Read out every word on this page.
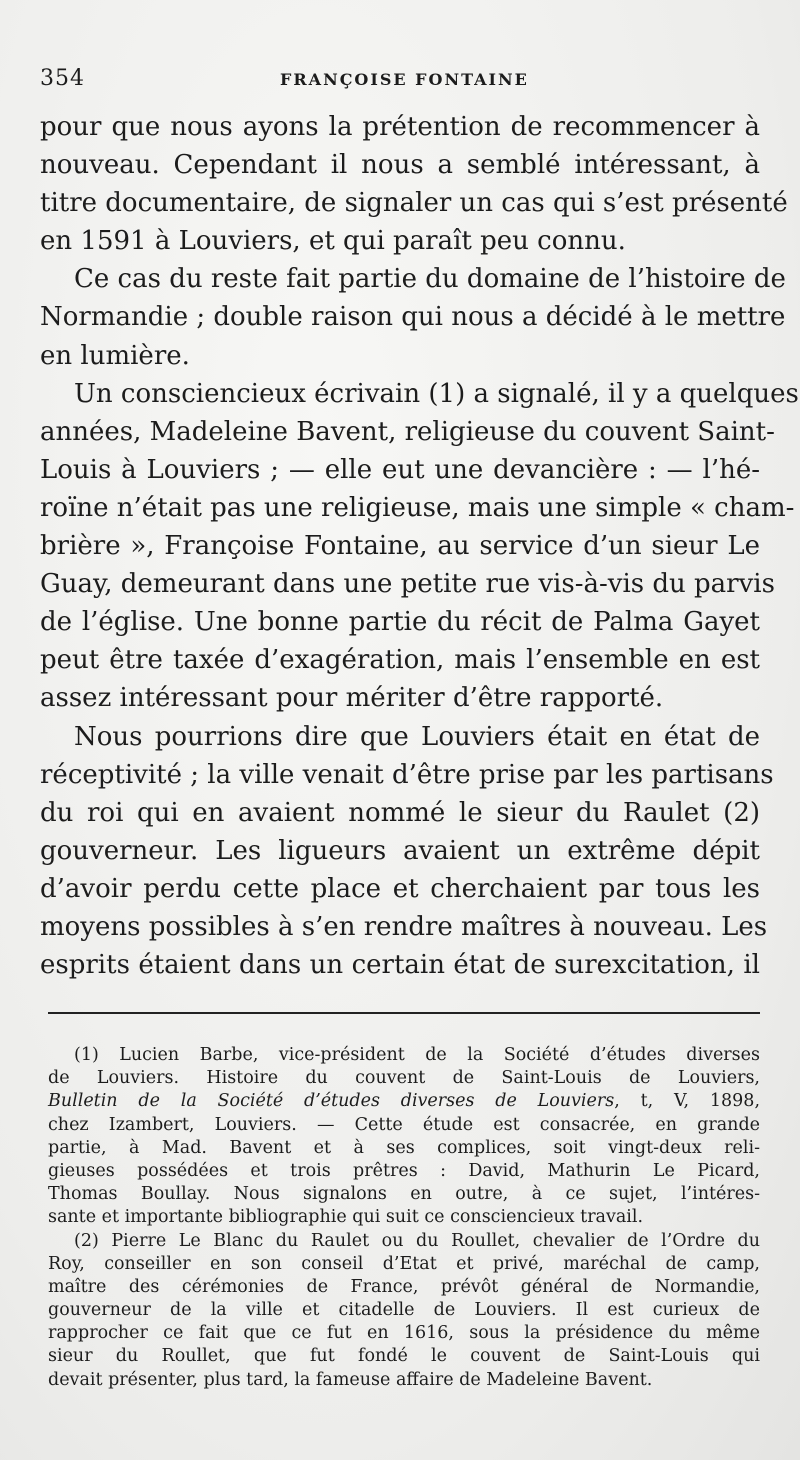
354	FRANÇOISE FONTAINE
pour que nous ayons la prétention de recommencer à
nouveau. Cependant il nous a semblé intéressant, à
titre documentaire, de signaler un cas qui s’est présenté
en 1591 à Louviers, et qui paraît peu connu.
Ce cas du reste fait partie du domaine de l’histoire de
Normandie ; double raison qui nous a décidé à le mettre
en lumière.
Un consciencieux écrivain (1) a signalé, il y a quelques
années, Madeleine Bavent, religieuse du couvent Saint-
Louis à Louviers ; — elle eut une devancière : — l’hé-
roïne n’était pas une religieuse, mais une simple « cham-
brière », Françoise Fontaine, au service d’un sieur Le
Guay, demeurant dans une petite rue vis-à-vis du parvis
de l’église. Une bonne partie du récit de Palma Gayet
peut être taxée d’exagération, mais l’ensemble en est
assez intéressant pour mériter d’être rapporté.
Nous pourrions dire que Louviers était en état de
réceptivité ; la ville venait d’être prise par les partisans
du roi qui en avaient nommé le sieur du Raulet (2)
gouverneur. Les ligueurs avaient un extrême dépit
d’avoir perdu cette place et cherchaient par tous les
moyens possibles à s’en rendre maîtres à nouveau. Les
esprits étaient dans un certain état de surexcitation, il
(1) Lucien Barbe, vice-président de la Société d’études diverses
de Louviers. Histoire du couvent de Saint-Louis de Louviers,
Bulletin de la Société d’études diverses de Louviers, t, V, 1898,
chez Izambert, Louviers. — Cette étude est consacrée, en grande
partie, à Mad. Bavent et à ses complices, soit vingt-deux reli-
gieuses possédées et trois prêtres : David, Mathurin Le Picard,
Thomas Boullay. Nous signalons en outre, à ce sujet, l’intéres-
sante et importante bibliographie qui suit ce consciencieux travail.
(2) Pierre Le Blanc du Raulet ou du Roullet, chevalier de l’Ordre du
Roy, conseiller en son conseil d’Etat et privé, maréchal de camp,
maître des cérémonies de France, prévôt général de Normandie,
gouverneur de la ville et citadelle de Louviers. Il est curieux de
rapprocher ce fait que ce fut en 1616, sous la présidence du même
sieur du Roullet, que fut fondé le couvent de Saint-Louis qui
devait présenter, plus tard, la fameuse affaire de Madeleine Bavent.
